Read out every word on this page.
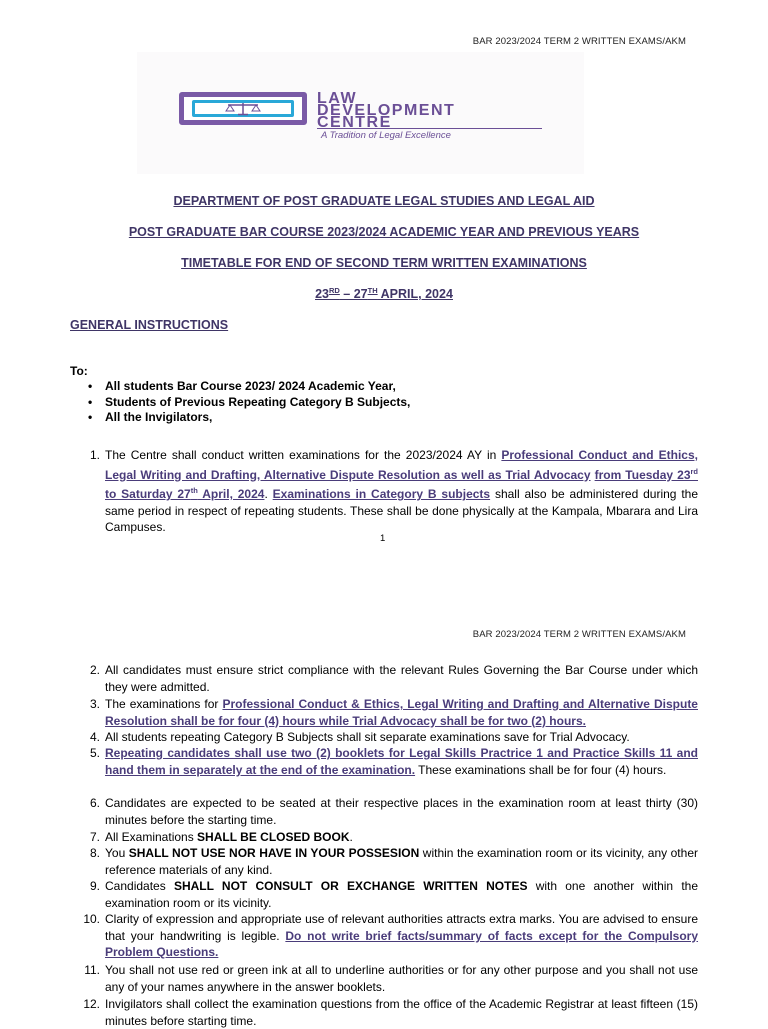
BAR 2023/2024 TERM 2 WRITTEN EXAMS/AKM
LAW
DEVELOPMENT
CENTRE
A Tradition of Legal Excellence
DEPARTMENT OF POST GRADUATE LEGAL STUDIES AND LEGAL AID
POST GRADUATE BAR COURSE 2023/2024 ACADEMIC YEAR AND PREVIOUS YEARS
TIMETABLE FOR END OF SECOND TERM WRITTEN EXAMINATIONS
23RD – 27TH APRIL, 2024
GENERAL INSTRUCTIONS
To:
• All students Bar Course 2023/ 2024 Academic Year,
• Students of Previous Repeating Category B Subjects,
• All the Invigilators,
1. The Centre shall conduct written examinations for the 2023/2024 AY in Professional Conduct and Ethics, Legal Writing and Drafting, Alternative Dispute Resolution as well as Trial Advocacy from Tuesday 23rd to Saturday 27th April, 2024. Examinations in Category B subjects shall also be administered during the same period in respect of repeating students. These shall be done physically at the Kampala, Mbarara and Lira Campuses.
1
BAR 2023/2024 TERM 2 WRITTEN EXAMS/AKM
2. All candidates must ensure strict compliance with the relevant Rules Governing the Bar Course under which they were admitted.
3. The examinations for Professional Conduct & Ethics, Legal Writing and Drafting and Alternative Dispute Resolution shall be for four (4) hours while Trial Advocacy shall be for two (2) hours.
4. All students repeating Category B Subjects shall sit separate examinations save for Trial Advocacy.
5. Repeating candidates shall use two (2) booklets for Legal Skills Practrice 1 and Practice Skills 11 and hand them in separately at the end of the examination. These examinations shall be for four (4) hours.
6. Candidates are expected to be seated at their respective places in the examination room at least thirty (30) minutes before the starting time.
7. All Examinations SHALL BE CLOSED BOOK.
8. You SHALL NOT USE NOR HAVE IN YOUR POSSESION within the examination room or its vicinity, any other reference materials of any kind.
9. Candidates SHALL NOT CONSULT OR EXCHANGE WRITTEN NOTES with one another within the examination room or its vicinity.
10. Clarity of expression and appropriate use of relevant authorities attracts extra marks. You are advised to ensure that your handwriting is legible. Do not write brief facts/summary of facts except for the Compulsory Problem Questions.
11. You shall not use red or green ink at all to underline authorities or for any other purpose and you shall not use any of your names anywhere in the answer booklets.
12. Invigilators shall collect the examination questions from the office of the Academic Registrar at least fifteen (15) minutes before starting time.
